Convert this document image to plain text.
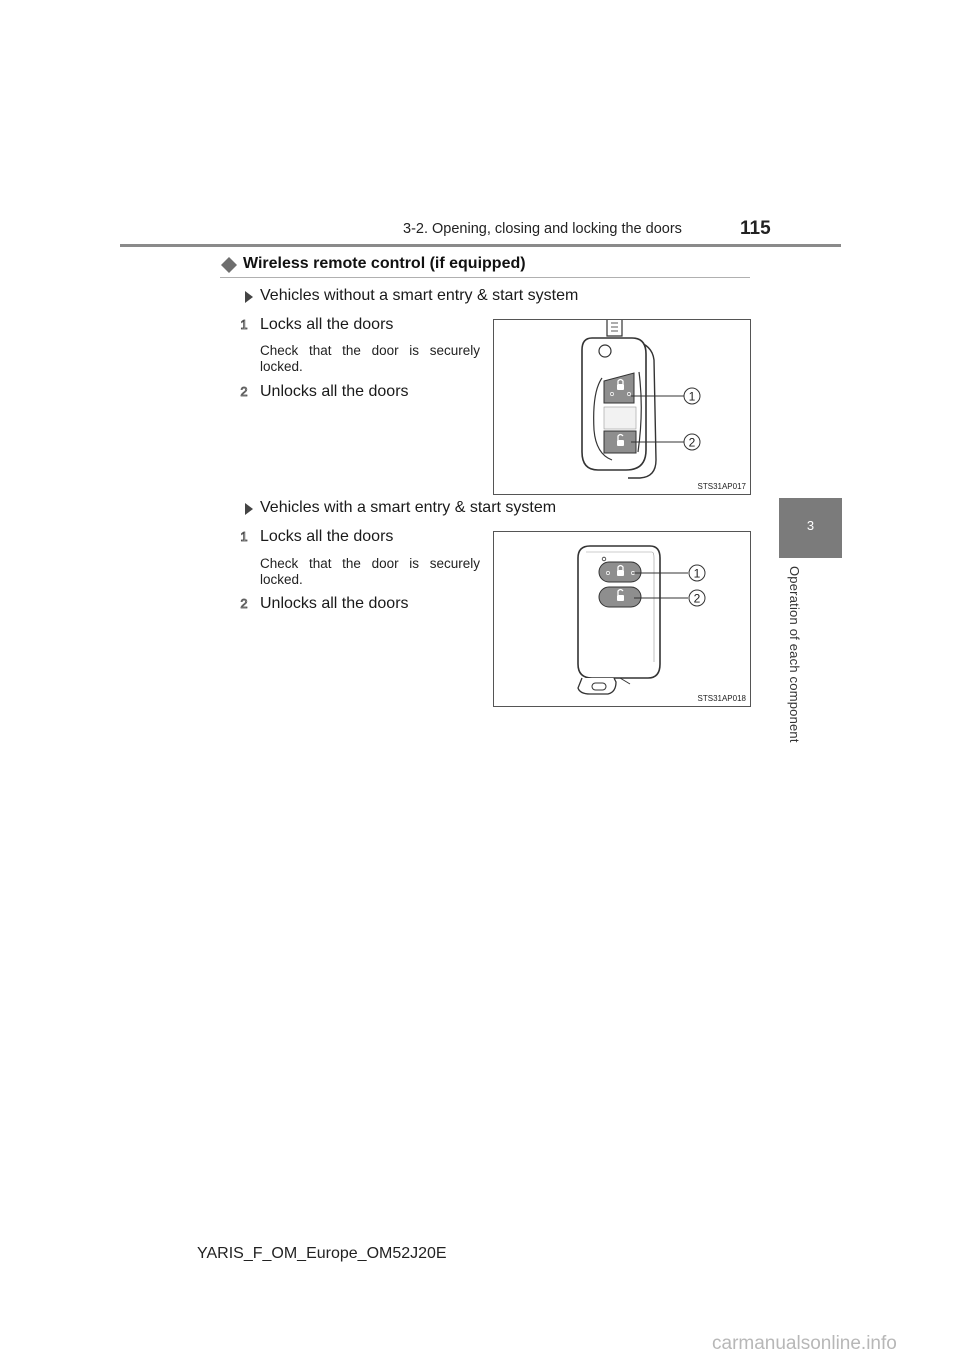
3-2. Opening, closing and locking the doors	115
3
Operation of each component
Wireless remote control (if equipped)
Vehicles without a smart entry & start system
1 Locks all the doors
Check that the door is securely locked.
2 Unlocks all the doors	1
2
STS31AP017
Vehicles with a smart entry & start system
1 Locks all the doors
Check that the door is securely locked.
2 Unlocks all the doors
1
2
STS31AP018
YARIS_F_OM_Europe_OM52J20E
carmanualsonline.info
